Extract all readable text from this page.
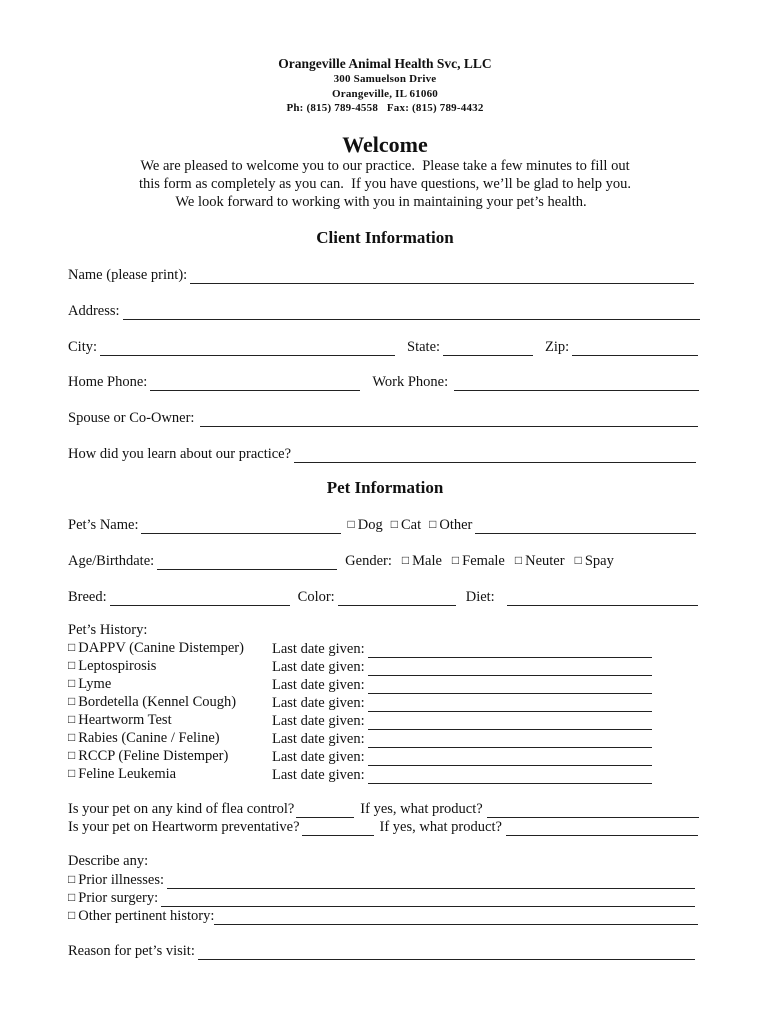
Orangeville Animal Health Svc, LLC
300 Samuelson Drive
Orangeville, IL 61060
Ph: (815) 789-4558   Fax: (815) 789-4432
Welcome
We are pleased to welcome you to our practice.  Please take a few minutes to fill out
this form as completely as you can.  If you have questions, we’ll be glad to help you.
We look forward to working with you in maintaining your pet’s health.
Client Information
Name (please print):
Address:
City:	State:	Zip:
Home Phone:	Work Phone:
Spouse or Co-Owner:
How did you learn about our practice?
Pet Information
Pet’s Name:	□ Dog □ Cat □ Other
Age/Birthdate:	Gender: □ Male □ Female □ Neuter □ Spay
Breed:	Color:	Diet:
Pet’s History:
□ DAPPV (Canine Distemper) Last date given:
□ Leptospirosis	Last date given:
□ Lyme	Last date given:
□ Bordetella (Kennel Cough) Last date given:
□ Heartworm Test	Last date given:
□ Rabies (Canine / Feline)	Last date given:
□ RCCP (Feline Distemper)	Last date given:
□ Feline Leukemia	Last date given:
Is your pet on any kind of flea control?	If yes, what product?
Is your pet on Heartworm preventative?	If yes, what product?
Describe any:
□ Prior illnesses:
□ Prior surgery:
□ Other pertinent history:
Reason for pet’s visit:
